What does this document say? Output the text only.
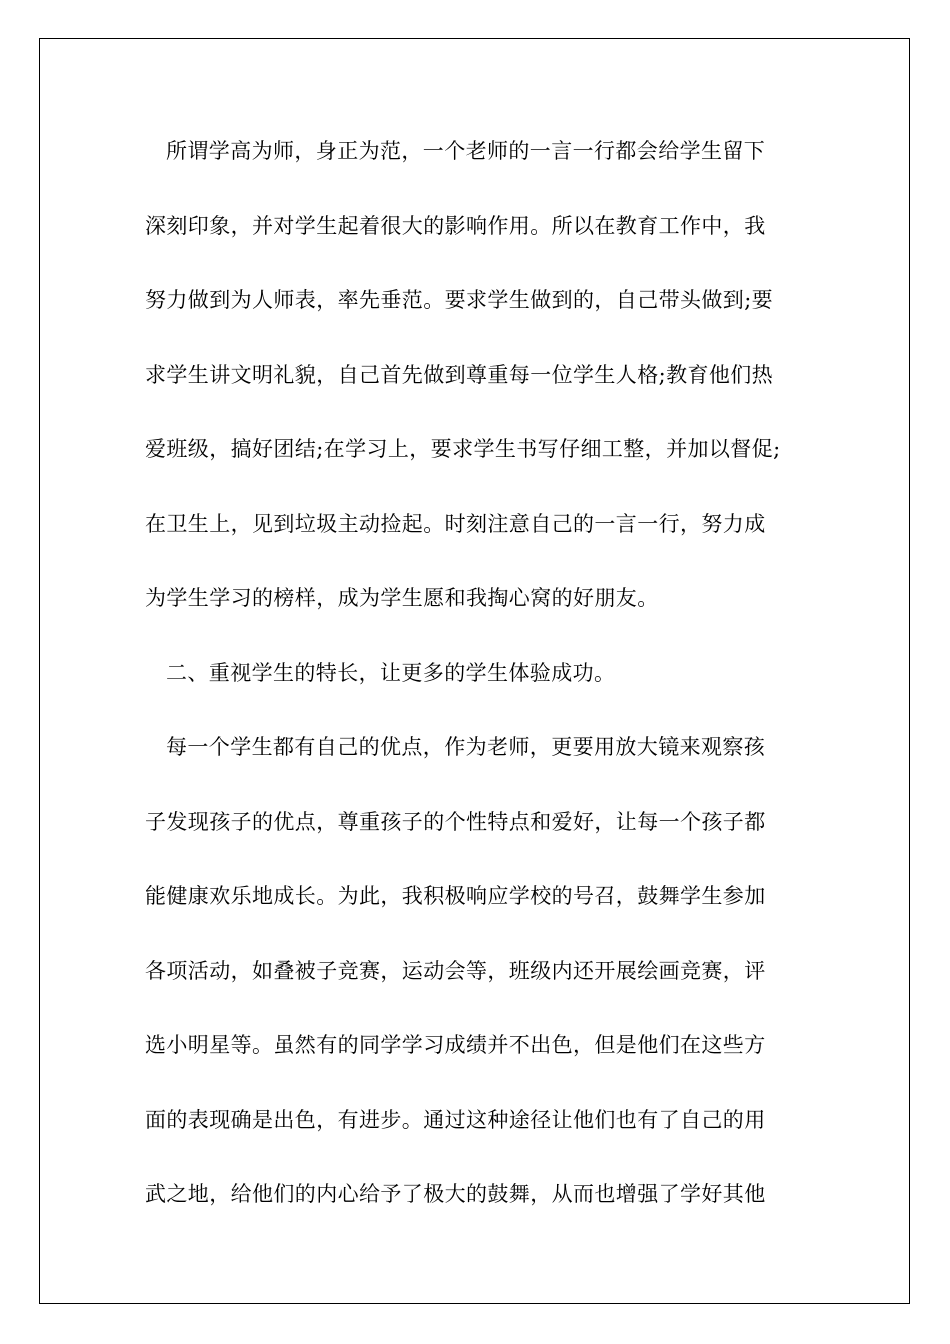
所谓学高为师，身正为范，一个老师的一言一行都会给学生留下
深刻印象，并对学生起着很大的影响作用。所以在教育工作中，我
努力做到为人师表，率先垂范。要求学生做到的，自己带头做到;要
求学生讲文明礼貌，自己首先做到尊重每一位学生人格;教育他们热
爱班级，搞好团结;在学习上，要求学生书写仔细工整，并加以督促;
在卫生上，见到垃圾主动捡起。时刻注意自己的一言一行，努力成
为学生学习的榜样，成为学生愿和我掏心窝的好朋友。
二、重视学生的特长，让更多的学生体验成功。
每一个学生都有自己的优点，作为老师，更要用放大镜来观察孩
子发现孩子的优点，尊重孩子的个性特点和爱好，让每一个孩子都
能健康欢乐地成长。为此，我积极响应学校的号召，鼓舞学生参加
各项活动，如叠被子竞赛，运动会等，班级内还开展绘画竞赛，评
选小明星等。虽然有的同学学习成绩并不出色，但是他们在这些方
面的表现确是出色，有进步。通过这种途径让他们也有了自己的用
武之地，给他们的内心给予了极大的鼓舞，从而也增强了学好其他
